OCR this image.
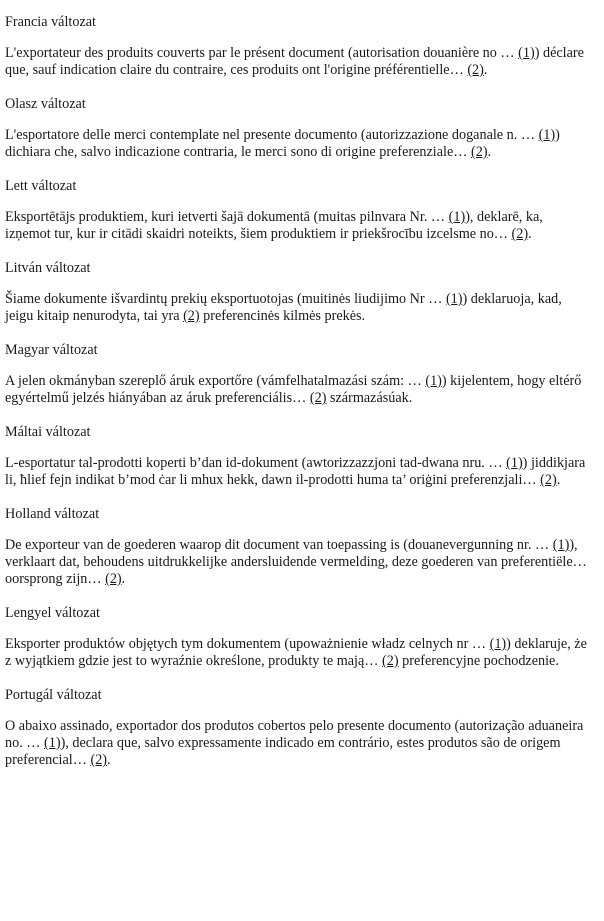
Francia változat

L'exportateur des produits couverts par le présent document (autorisation douanière no … (1)) déclare que, sauf indication claire du contraire, ces produits ont l'origine préférentielle… (2).

Olasz változat

L'esportatore delle merci contemplate nel presente documento (autorizzazione doganale n. … (1)) dichiara che, salvo indicazione contraria, le merci sono di origine preferenziale… (2).

Lett változat

Eksportētājs produktiem, kuri ietverti šajā dokumentā (muitas pilnvara Nr. … (1)), deklarē, ka, izņemot tur, kur ir citādi skaidri noteikts, šiem produktiem ir priekšrocību izcelsme no… (2).

Litván változat

Šiame dokumente išvardintų prekių eksportuotojas (muitinės liudijimo Nr … (1)) deklaruoja, kad, jeigu kitaip nenurodyta, tai yra (2) preferencinės kilmės prekės.

Magyar változat

A jelen okmányban szereplő áruk exportőre (vámfelhatalmazási szám: … (1)) kijelentem, hogy eltérő egyértelmű jelzés hiányában az áruk preferenciális… (2) származásúak.

Máltai változat

L-esportatur tal-prodotti koperti b’dan id-dokument (awtorizzazzjoni tad-dwana nru. … (1)) jiddikjara li, ħlief fejn indikat b’mod ċar li mhux hekk, dawn il-prodotti huma ta’ oriġini preferenzjali… (2).

Holland változat

De exporteur van de goederen waarop dit document van toepassing is (douanevergunning nr. … (1)), verklaart dat, behoudens uitdrukkelijke andersluidende vermelding, deze goederen van preferentiële… oorsprong zijn… (2).

Lengyel változat

Eksporter produktów objętych tym dokumentem (upoważnienie władz celnych nr … (1)) deklaruje, że z wyjątkiem gdzie jest to wyraźnie określone, produkty te mają… (2) preferencyjne pochodzenie.

Portugál változat

O abaixo assinado, exportador dos produtos cobertos pelo presente documento (autorização aduaneira no. … (1)), declara que, salvo expressamente indicado em contrário, estes produtos são de origem preferencial… (2).
